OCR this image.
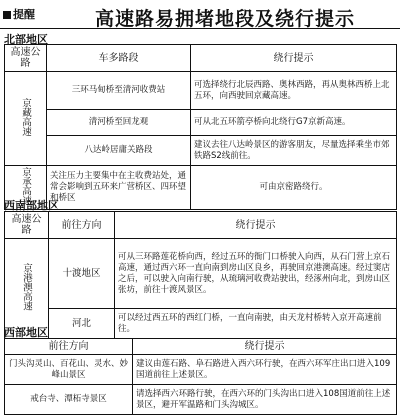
提醒	高速路易拥堵地段及绕行提示
北部地区
高速公路	车多路段	绕行提示
京藏高速	三环马甸桥至清河收费站	可选择绕行北辰西路、奥林西路，再从奥林西桥上北五环，向西驶回京藏高速。
	清河桥至回龙观	可从北五环箭亭桥向北绕行G7京新高速。
	八达岭居庸关路段	建议去往八达岭景区的游客朋友，尽量选择乘坐市郊铁路S2线前往。
京承高速	关注压力主要集中在主收费站处，通常会影响到五环来广营桥区、四环望和桥区	可由京密路绕行。
西南部地区
高速公路	前往方向	绕行提示
京港澳高速	十渡地区	可从三环路莲花桥向西，经过五环的衙门口桥驶入向西，从石门营上京石高速，通过西六环一直向南到房山区良乡，再驶回京港澳高速。经过窦店之后，可以驶入向南行驶，从琉璃河收费站驶出，经涿州向北，到房山区张坊，前往十渡风景区。
	河北	可以经过西五环的西红门桥，一直向南驶，由天龙村桥转入京开高速前往。
西部地区
前往方向	绕行提示
门头沟灵山、百花山、灵水、妙峰山景区	建议由莲石路、阜石路进入西六环行驶，在西六环军庄出口进入109国道前往上述景区。
戒台寺、潭柘寺景区	请选择西六环路行驶，在西六环的门头沟出口进入108国道前往上述景区，避开军温路和门头沟城区。
